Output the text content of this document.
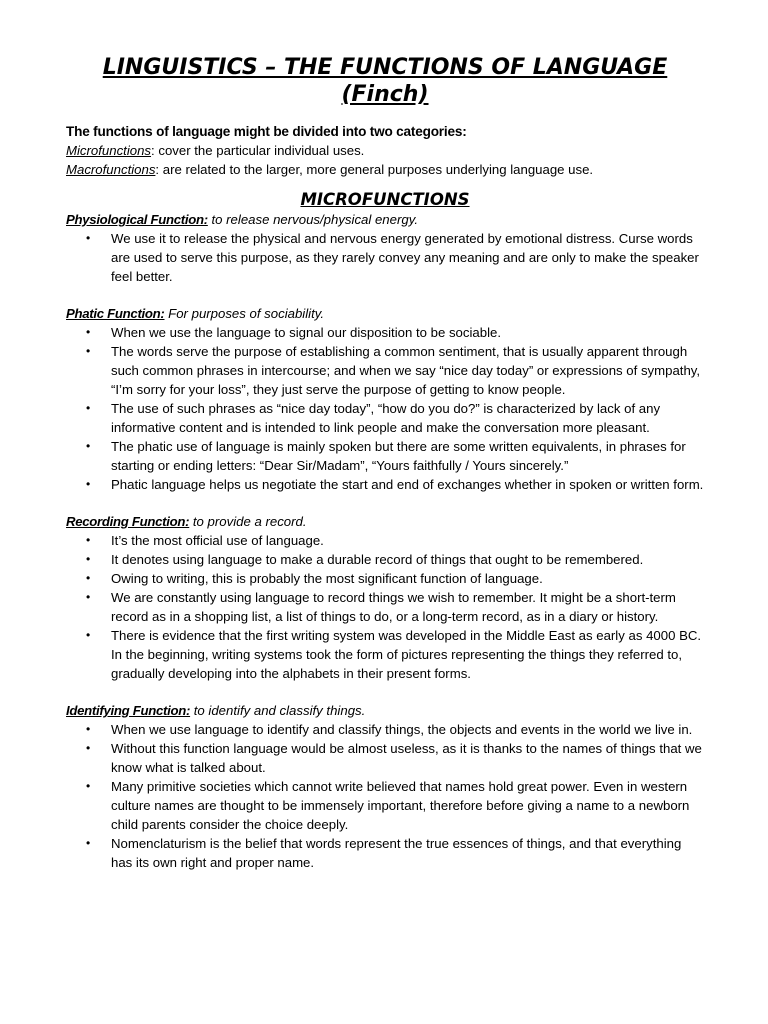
LINGUISTICS – THE FUNCTIONS OF LANGUAGE
(Finch)
The functions of language might be divided into two categories:
Microfunctions: cover the particular individual uses.
Macrofunctions: are related to the larger, more general purposes underlying language use.
MICROFUNCTIONS
Physiological Function: to release nervous/physical energy.
• We use it to release the physical and nervous energy generated by emotional distress. Curse words are used to serve this purpose, as they rarely convey any meaning and are only to make the speaker feel better.
Phatic Function: For purposes of sociability.
• When we use the language to signal our disposition to be sociable.
• The words serve the purpose of establishing a common sentiment, that is usually apparent through such common phrases in intercourse; and when we say “nice day today” or expressions of sympathy, “I’m sorry for your loss”, they just serve the purpose of getting to know people.
• The use of such phrases as “nice day today”, “how do you do?” is characterized by lack of any informative content and is intended to link people and make the conversation more pleasant.
• The phatic use of language is mainly spoken but there are some written equivalents, in phrases for starting or ending letters: “Dear Sir/Madam”, “Yours faithfully / Yours sincerely.”
• Phatic language helps us negotiate the start and end of exchanges whether in spoken or written form.
Recording Function: to provide a record.
• It’s the most official use of language.
• It denotes using language to make a durable record of things that ought to be remembered.
• Owing to writing, this is probably the most significant function of language.
• We are constantly using language to record things we wish to remember. It might be a short-term record as in a shopping list, a list of things to do, or a long-term record, as in a diary or history.
• There is evidence that the first writing system was developed in the Middle East as early as 4000 BC. In the beginning, writing systems took the form of pictures representing the things they referred to, gradually developing into the alphabets in their present forms.
Identifying Function: to identify and classify things.
• When we use language to identify and classify things, the objects and events in the world we live in.
• Without this function language would be almost useless, as it is thanks to the names of things that we know what is talked about.
• Many primitive societies which cannot write believed that names hold great power. Even in western culture names are thought to be immensely important, therefore before giving a name to a newborn child parents consider the choice deeply.
• Nomenclaturism is the belief that words represent the true essences of things, and that everything has its own right and proper name.
